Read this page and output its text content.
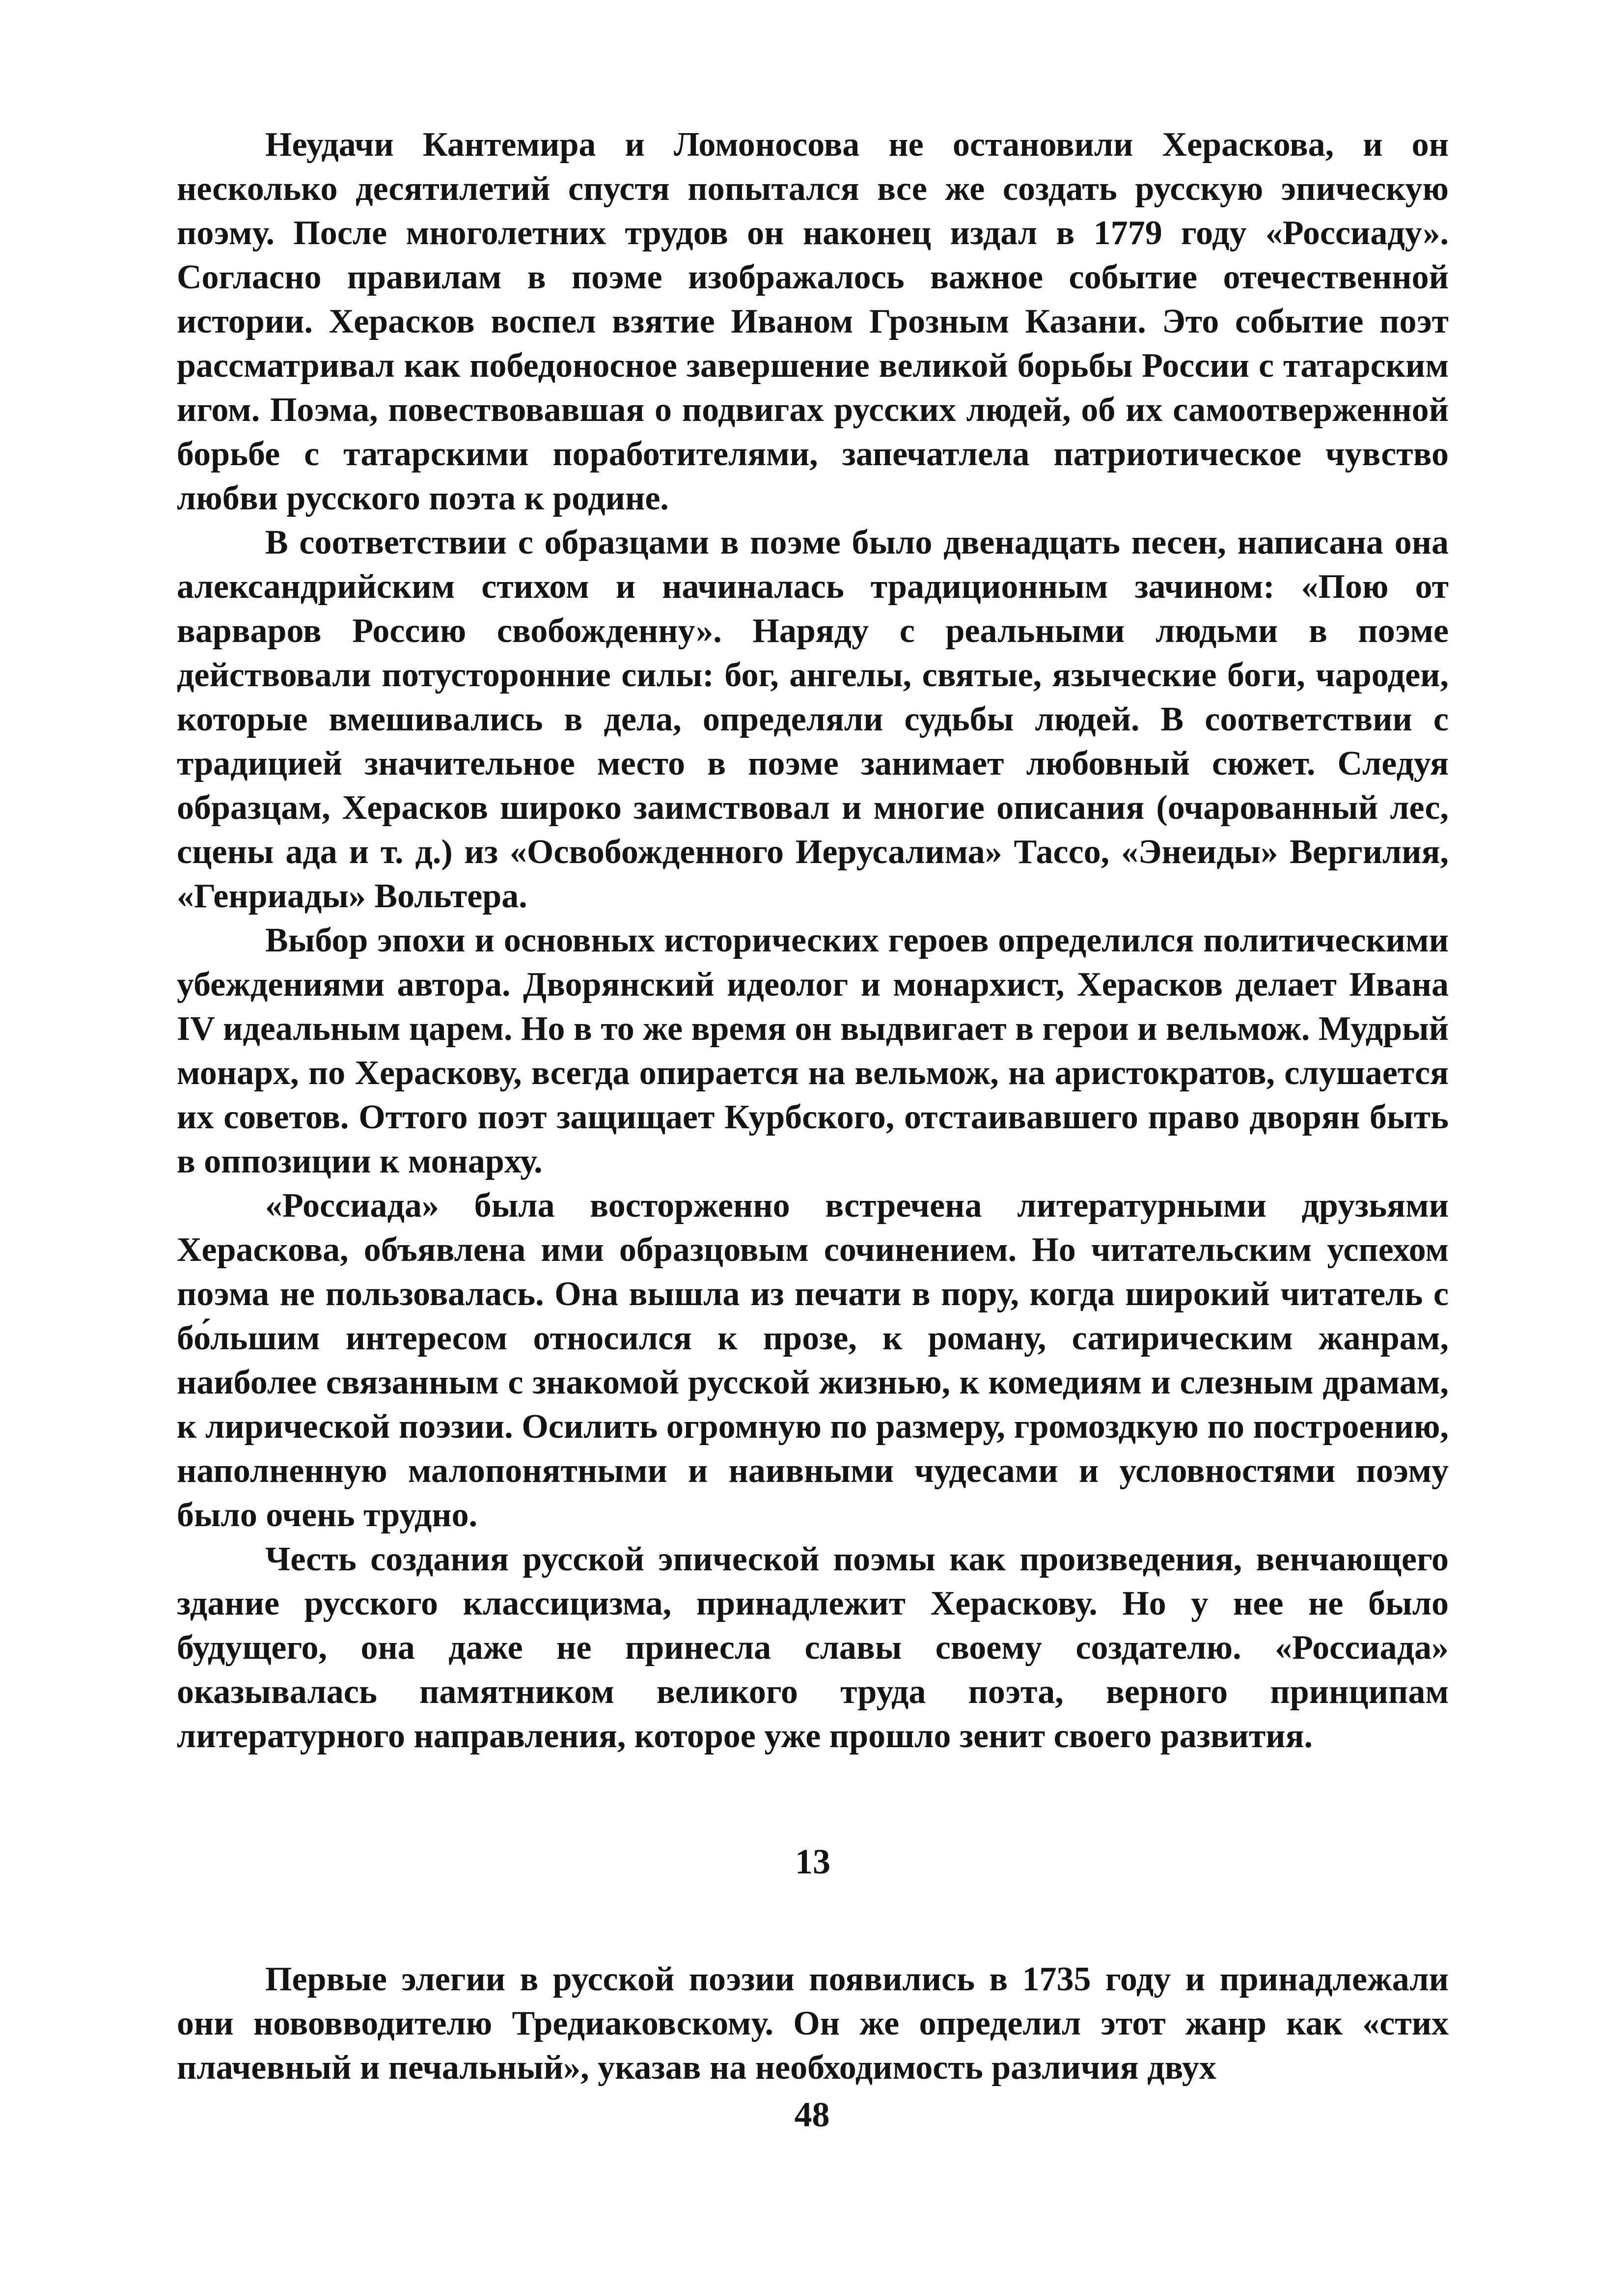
Неудачи Кантемира и Ломоносова не остановили Хераскова, и он несколько десятилетий спустя попытался все же создать русскую эпическую поэму. После многолетних трудов он наконец издал в 1779 году «Россиаду». Согласно правилам в поэме изображалось важное событие отечественной истории. Херасков воспел взятие Иваном Грозным Казани. Это событие поэт рассматривал как победоносное завершение великой борьбы России с татарским игом. Поэма, повествовавшая о подвигах русских людей, об их самоотверженной борьбе с татарскими поработителями, запечатлела патриотическое чувство любви русского поэта к родине.

В соответствии с образцами в поэме было двенадцать песен, написана она александрийским стихом и начиналась традиционным зачином: «Пою от варваров Россию свобожденну». Наряду с реальными людьми в поэме действовали потусторонние силы: бог, ангелы, святые, языческие боги, чародеи, которые вмешивались в дела, определяли судьбы людей. В соответствии с традицией значительное место в поэме занимает любовный сюжет. Следуя образцам, Херасков широко заимствовал и многие описания (очарованный лес, сцены ада и т. д.) из «Освобожденного Иерусалима» Тассо, «Энеиды» Вергилия, «Генриады» Вольтера.

Выбор эпохи и основных исторических героев определился политическими убеждениями автора. Дворянский идеолог и монархист, Херасков делает Ивана IV идеальным царем. Но в то же время он выдвигает в герои и вельмож. Мудрый монарх, по Хераскову, всегда опирается на вельмож, на аристократов, слушается их советов. Оттого поэт защищает Курбского, отстаивавшего право дворян быть в оппозиции к монарху.

«Россиада» была восторженно встречена литературными друзьями Хераскова, объявлена ими образцовым сочинением. Но читательским успехом поэма не пользовалась. Она вышла из печати в пору, когда широкий читатель с бо́льшим интересом относился к прозе, к роману, сатирическим жанрам, наиболее связанным с знакомой русской жизнью, к комедиям и слезным драмам, к лирической поэзии. Осилить огромную по размеру, громоздкую по построению, наполненную малопонятными и наивными чудесами и условностями поэму было очень трудно.

Честь создания русской эпической поэмы как произведения, венчающего здание русского классицизма, принадлежит Хераскову. Но у нее не было будущего, она даже не принесла славы своему создателю. «Россиада» оказывалась памятником великого труда поэта, верного принципам литературного направления, которое уже прошло зенит своего развития.

13

Первые элегии в русской поэзии появились в 1735 году и принадлежали они нововводителю Тредиаковскому. Он же определил этот жанр как «стих плачевный и печальный», указав на необходимость различия двух

48
